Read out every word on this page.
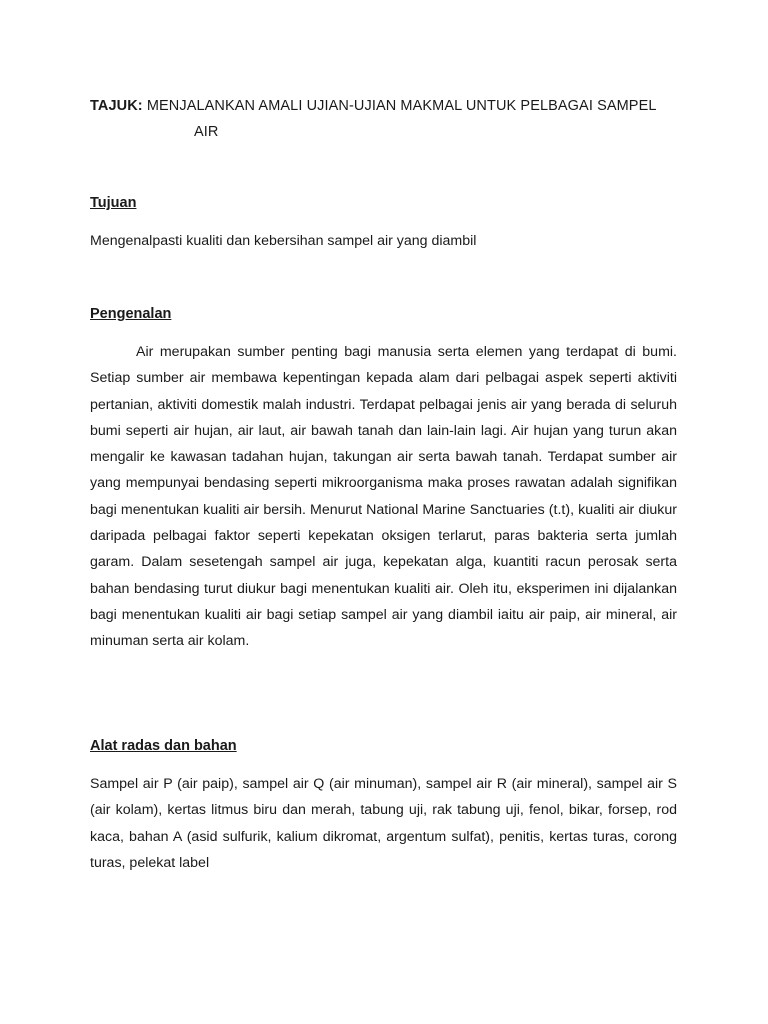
TAJUK: MENJALANKAN AMALI UJIAN-UJIAN MAKMAL UNTUK PELBAGAI SAMPEL
AIR
Tujuan
Mengenalpasti kualiti dan kebersihan sampel air yang diambil
Pengenalan
Air merupakan sumber penting bagi manusia serta elemen yang terdapat di bumi. Setiap sumber air membawa kepentingan kepada alam dari pelbagai aspek seperti aktiviti pertanian, aktiviti domestik malah industri. Terdapat pelbagai jenis air yang berada di seluruh bumi seperti air hujan, air laut, air bawah tanah dan lain-lain lagi. Air hujan yang turun akan mengalir ke kawasan tadahan hujan, takungan air serta bawah tanah. Terdapat sumber air yang mempunyai bendasing seperti mikroorganisma maka proses rawatan adalah signifikan bagi menentukan kualiti air bersih. Menurut National Marine Sanctuaries (t.t), kualiti air diukur daripada pelbagai faktor seperti kepekatan oksigen terlarut, paras bakteria serta jumlah garam. Dalam sesetengah sampel air juga, kepekatan alga, kuantiti racun perosak serta bahan bendasing turut diukur bagi menentukan kualiti air. Oleh itu, eksperimen ini dijalankan bagi menentukan kualiti air bagi setiap sampel air yang diambil iaitu air paip, air mineral, air minuman serta air kolam.
Alat radas dan bahan
Sampel air P (air paip), sampel air Q (air minuman), sampel air R (air mineral), sampel air S (air kolam), kertas litmus biru dan merah, tabung uji, rak tabung uji, fenol, bikar, forsep, rod kaca, bahan A (asid sulfurik, kalium dikromat, argentum sulfat), penitis, kertas turas, corong turas, pelekat label
